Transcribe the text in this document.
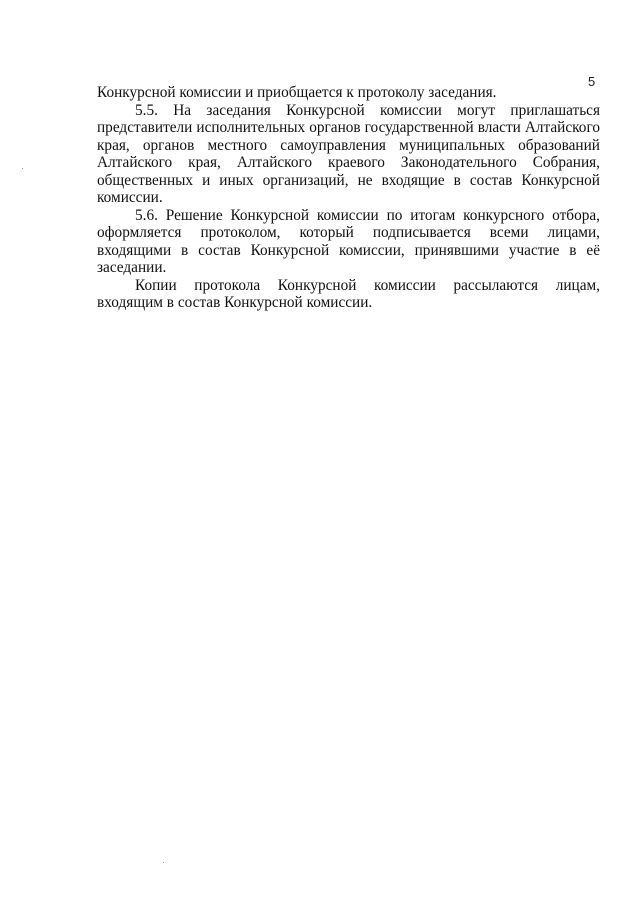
5

Конкурсной комиссии и приобщается к протоколу заседания.

5.5. На заседания Конкурсной комиссии могут приглашаться представители исполнительных органов государственной власти Алтайского края, органов местного самоуправления муниципальных образований Алтайского края, Алтайского краевого Законодательного Собрания, общественных и иных организаций, не входящие в состав Конкурсной комиссии.

5.6. Решение Конкурсной комиссии по итогам конкурсного отбора, оформляется протоколом, который подписывается всеми лицами, входящими в состав Конкурсной комиссии, принявшими участие в её заседании.

Копии протокола Конкурсной комиссии рассылаются лицам, входящим в состав Конкурсной комиссии.
